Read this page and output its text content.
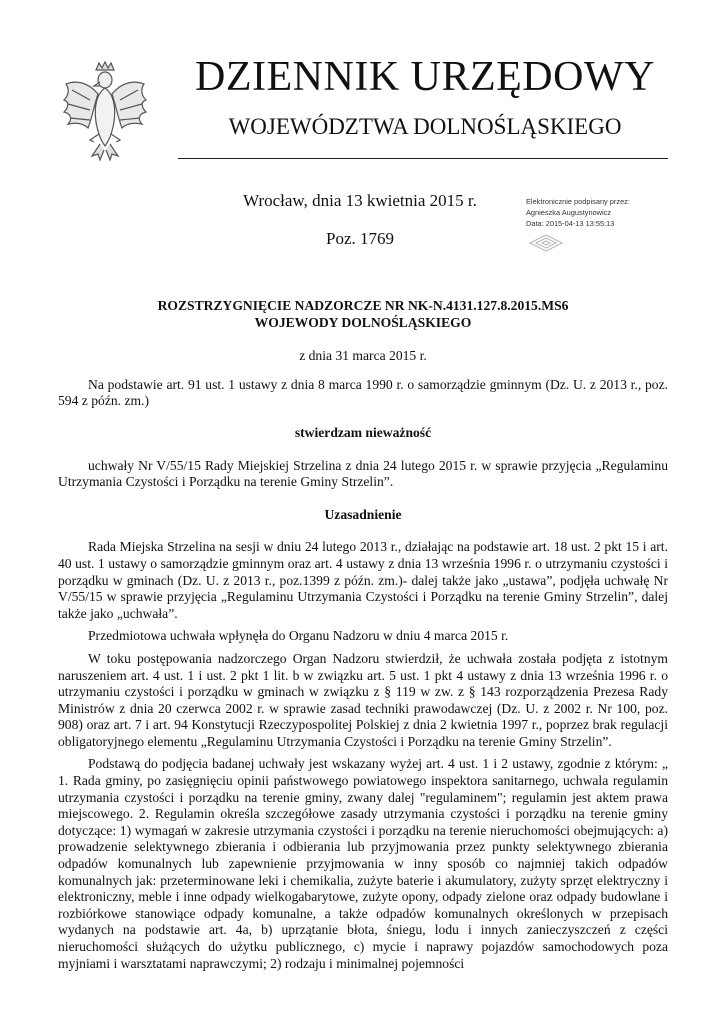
DZIENNIK URZĘDOWY
WOJEWÓDZTWA DOLNOŚLĄSKIEGO
Wrocław, dnia 13 kwietnia 2015 r.
Poz. 1769
Elektronicznie podpisany przez:
Agnieszka Augustynowicz
Data: 2015-04-13 13:55:13

ROZSTRZYGNIĘCIE NADZORCZE NR NK-N.4131.127.8.2015.MS6

WOJEWODY DOLNOŚLĄSKIEGO

z dnia 31 marca 2015 r.

Na podstawie art. 91 ust. 1 ustawy z dnia 8 marca 1990 r. o samorządzie gminnym (Dz. U. z 2013 r., poz. 594 z późn. zm.)

stwierdzam nieważność

uchwały Nr V/55/15 Rady Miejskiej Strzelina z dnia 24 lutego 2015 r. w sprawie przyjęcia „Regulaminu Utrzymania Czystości i Porządku na terenie Gminy Strzelin”.

Uzasadnienie

Rada Miejska Strzelina na sesji w dniu 24 lutego 2013 r., działając na podstawie art. 18 ust. 2 pkt 15 i art. 40 ust. 1 ustawy o samorządzie gminnym oraz art. 4 ustawy z dnia 13 września 1996 r. o utrzymaniu czystości i porządku w gminach (Dz. U. z 2013 r., poz.1399 z późn. zm.)- dalej także jako „ustawa”, podjęła uchwałę Nr V/55/15 w sprawie przyjęcia „Regulaminu Utrzymania Czystości i Porządku na terenie Gminy Strzelin”, dalej także jako „uchwała”.

Przedmiotowa uchwała wpłynęła do Organu Nadzoru w dniu 4 marca 2015 r.

W toku postępowania nadzorczego Organ Nadzoru stwierdził, że uchwała została podjęta z istotnym naruszeniem art. 4 ust. 1 i ust. 2 pkt 1 lit. b w związku art. 5 ust. 1 pkt 4 ustawy z dnia 13 września 1996 r. o utrzymaniu czystości i porządku w gminach w związku z § 119 w zw. z § 143 rozporządzenia Prezesa Rady Ministrów z dnia 20 czerwca 2002 r. w sprawie zasad techniki prawodawczej (Dz. U. z 2002 r. Nr 100, poz. 908) oraz art. 7 i art. 94 Konstytucji Rzeczypospolitej Polskiej z dnia 2 kwietnia 1997 r., poprzez brak regulacji obligatoryjnego elementu „Regulaminu Utrzymania Czystości i Porządku na terenie Gminy Strzelin”.

Podstawą do podjęcia badanej uchwały jest wskazany wyżej art. 4 ust. 1 i 2 ustawy, zgodnie z którym: „ 1. Rada gminy, po zasięgnięciu opinii państwowego powiatowego inspektora sanitarnego, uchwala regulamin utrzymania czystości i porządku na terenie gminy, zwany dalej "regulaminem"; regulamin jest aktem prawa miejscowego. 2. Regulamin określa szczegółowe zasady utrzymania czystości i porządku na terenie gminy dotyczące: 1) wymagań w zakresie utrzymania czystości i porządku na terenie nieruchomości obejmujących: a) prowadzenie selektywnego zbierania i odbierania lub przyjmowania przez punkty selektywnego zbierania odpadów komunalnych lub zapewnienie przyjmowania w inny sposób co najmniej takich odpadów komunalnych jak: przeterminowane leki i chemikalia, zużyte baterie i akumulatory, zużyty sprzęt elektryczny i elektroniczny, meble i inne odpady wielkogabarytowe, zużyte opony, odpady zielone oraz odpady budowlane i rozbiórkowe stanowiące odpady komunalne, a także odpadów komunalnych określonych w przepisach wydanych na podstawie art. 4a, b) uprzątanie błota, śniegu, lodu i innych zanieczyszczeń z części nieruchomości służących do użytku publicznego, c) mycie i naprawy pojazdów samochodowych poza myjniami i warsztatami naprawczymi; 2) rodzaju i minimalnej pojemności
